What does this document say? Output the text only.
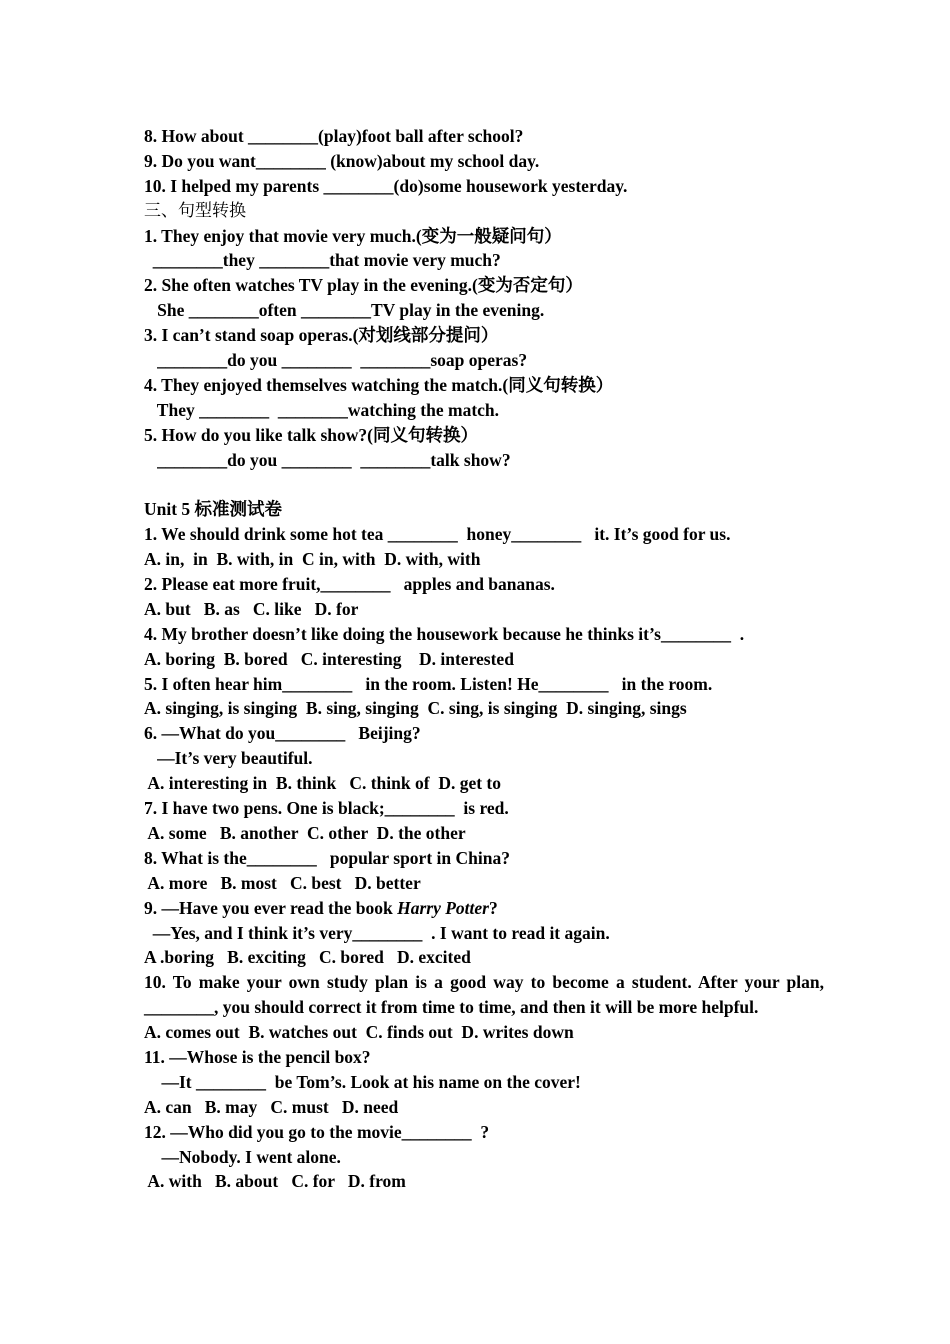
8. How about ________(play)foot ball after school?
9. Do you want________ (know)about my school day.
10. I helped my parents ________(do)some housework yesterday.
三、句型转换
1. They enjoy that movie very much.(变为一般疑问句）
________they ________that movie very much?
2. She often watches TV play in the evening.(变为否定句）
She ________often ________TV play in the evening.
3. I can’t stand soap operas.(对划线部分提问）
________do you ________  ________soap operas?
4. They enjoyed themselves watching the match.(同义句转换）
They ________  ________watching the match.
5. How do you like talk show?(同义句转换）
________do you ________  ________talk show?
Unit 5 标准测试卷
1. We should drink some hot tea ________  honey________   it. It’s good for us.
A. in,  in  B. with, in  C in, with  D. with, with
2. Please eat more fruit,________   apples and bananas.
A. but   B. as   C. like   D. for
4. My brother doesn’t like doing the housework because he thinks it’s________  .
A. boring  B. bored   C. interesting    D. interested
5. I often hear him________   in the room. Listen! He________   in the room.
A. singing, is singing  B. sing, singing  C. sing, is singing  D. singing, sings
6. ―What do you________   Beijing?
―It’s very beautiful.
A. interesting in  B. think   C. think of  D. get to
7. I have two pens. One is black;________  is red.
A. some   B. another  C. other  D. the other
8. What is the________   popular sport in China?
A. more   B. most   C. best   D. better
9. ―Have you ever read the book Harry Potter?
―Yes, and I think it’s very________  . I want to read it again.
A .boring   B. exciting   C. bored   D. excited
10. To make your own study plan is a good way to become a student. After your plan, ________, you should correct it from time to time, and then it will be more helpful.
A. comes out  B. watches out  C. finds out  D. writes down
11. ―Whose is the pencil box?
―It ________  be Tom’s. Look at his name on the cover!
A. can   B. may   C. must   D. need
12. ―Who did you go to the movie________  ?
―Nobody. I went alone.
A. with   B. about   C. for   D. from
